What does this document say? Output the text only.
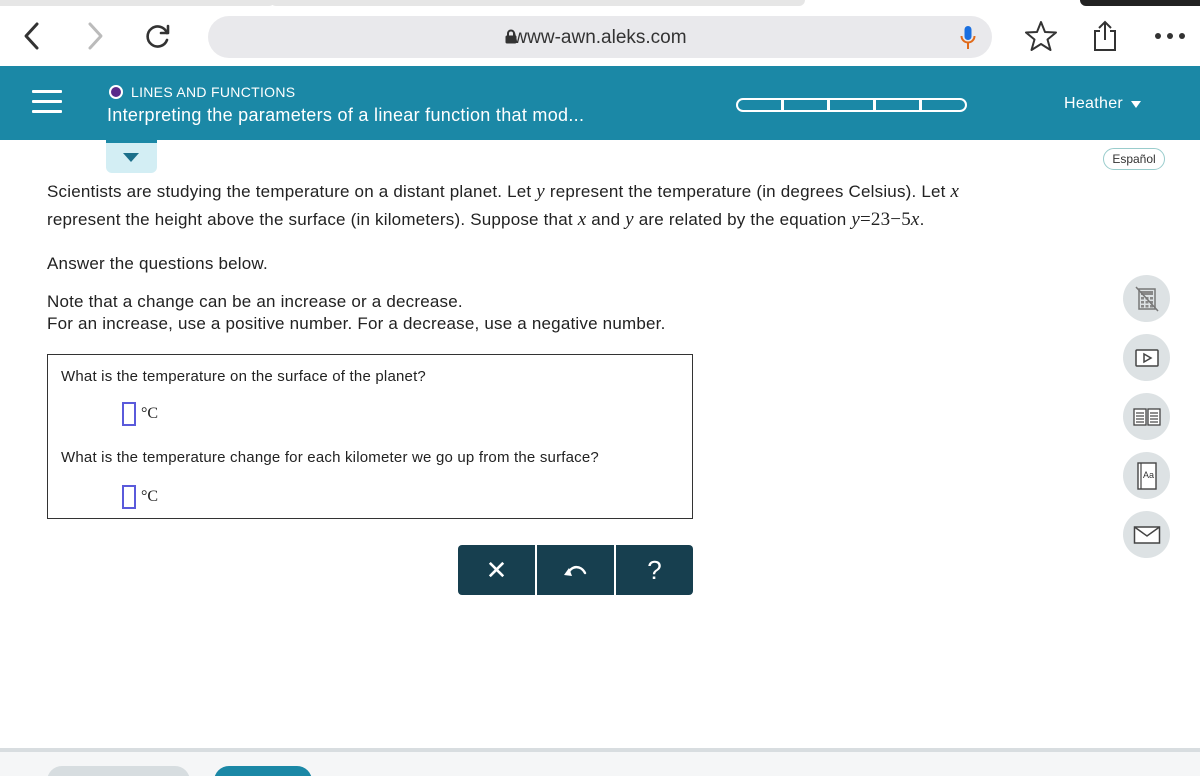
www-awn.aleks.com
LINES AND FUNCTIONS
Interpreting the parameters of a linear function that mod...
Heather
Español
Scientists are studying the temperature on a distant planet. Let y represent the temperature (in degrees Celsius). Let x
represent the height above the surface (in kilometers). Suppose that x and y are related by the equation y=23−5x.
Answer the questions below.
Note that a change can be an increase or a decrease.
For an increase, use a positive number. For a decrease, use a negative number.
What is the temperature on the surface of the planet?
°C
What is the temperature change for each kilometer we go up from the surface?
°C
✕	?
Aa
